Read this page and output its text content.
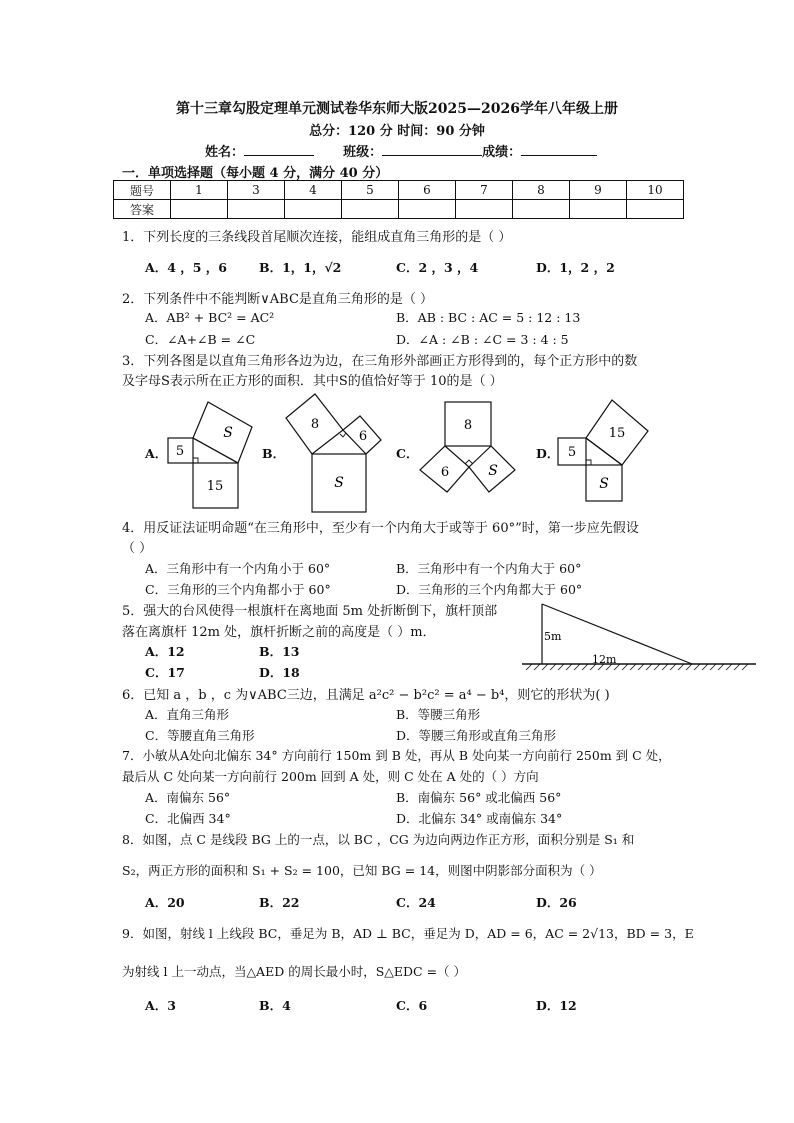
第十三章勾股定理单元测试卷华东师大版2025—2026学年八年级上册
总分：120 分 时间：90 分钟
姓名：	班级：	成绩：
一．单项选择题（每小题 4 分，满分 40 分）
题号	1	3	4	5	6	7	8	9	10
答案									
1．下列长度的三条线段首尾顺次连接，能组成直角三角形的是（ ）
A．4 ，5 ，6	B．1，1，√2	C．2 ，3 ，4	D．1，2 ，2
2．下列条件中不能判断∨ABC是直角三角形的是（ ）
A．AB² + BC² = AC²	B．AB : BC : AC = 5 : 12 : 13
C．∠A+∠B = ∠C	D．∠A : ∠B : ∠C = 3 : 4 : 5
3．下列各图是以直角三角形各边为边，在三角形外部画正方形得到的，每个正方形中的数
及字母S表示所在正方形的面积．其中S的值恰好等于 10的是（ ）
A．	B．	C．	D．
5
15
S
8
6
S
8
6	S
5
15
S
4．用反证法证明命题“在三角形中，至少有一个内角大于或等于 60°”时，第一步应先假设
（ ）
A．三角形中有一个内角小于 60°	B．三角形中有一个内角大于 60°
C．三角形的三个内角都小于 60°	D．三角形的三个内角都大于 60°
5．强大的台风使得一根旗杆在离地面 5m 处折断倒下，旗杆顶部
落在离旗杆 12m 处，旗杆折断之前的高度是（ ）m．
A．12	B．13
C．17	D．18
5m
12m
6．已知 a ，b ，c 为∨ABC三边，且满足 a²c² − b²c² = a⁴ − b⁴，则它的形状为( )
A．直角三角形	B．等腰三角形
C．等腰直角三角形	D．等腰三角形或直角三角形
7．小敏从A处向北偏东 34° 方向前行 150m 到 B 处，再从 B 处向某一方向前行 250m 到 C 处，
最后从 C 处向某一方向前行 200m 回到 A 处，则 C 处在 A 处的（ ）方向
A．南偏东 56°	B．南偏东 56° 或北偏西 56°
C．北偏西 34°	D．北偏东 34° 或南偏东 34°
8．如图，点 C 是线段 BG 上的一点，以 BC ，CG 为边向两边作正方形，面积分别是 S₁ 和
S₂，两正方形的面积和 S₁ + S₂ = 100，已知 BG = 14，则图中阴影部分面积为（ ）
A．20	B．22	C．24	D．26
9．如图，射线 l 上线段 BC，垂足为 B，AD ⊥ BC，垂足为 D，AD = 6，AC = 2√13，BD = 3，E
为射线 l 上一动点，当△AED 的周长最小时，S△EDC =（ ）
A．3	B．4	C．6	D．12
